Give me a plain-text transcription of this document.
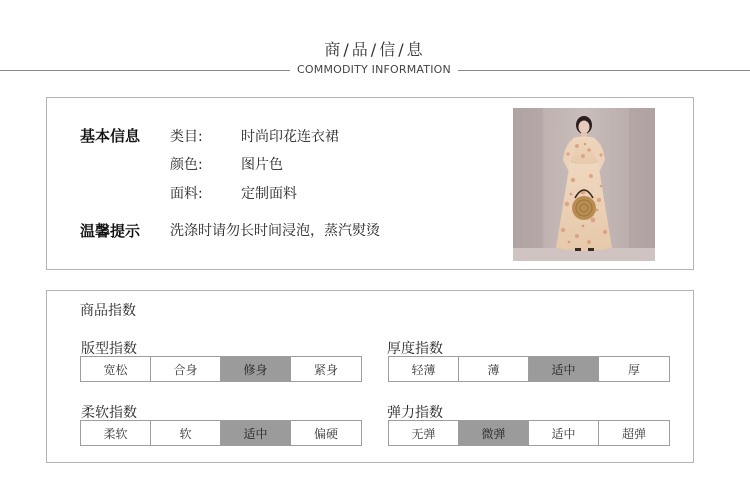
商/品/信/息
COMMODITY INFORMATION
基本信息 类目:	时尚印花连衣裙
颜色:	图片色
面料:	定制面料
温馨提示 洗涤时请勿长时间浸泡，蒸汽熨烫
商品指数
版型指数
宽松	合身	修身	紧身
厚度指数
轻薄	薄	适中	厚
柔软指数
柔软	软	适中	偏硬
弹力指数
无弹	微弹	适中	超弹
